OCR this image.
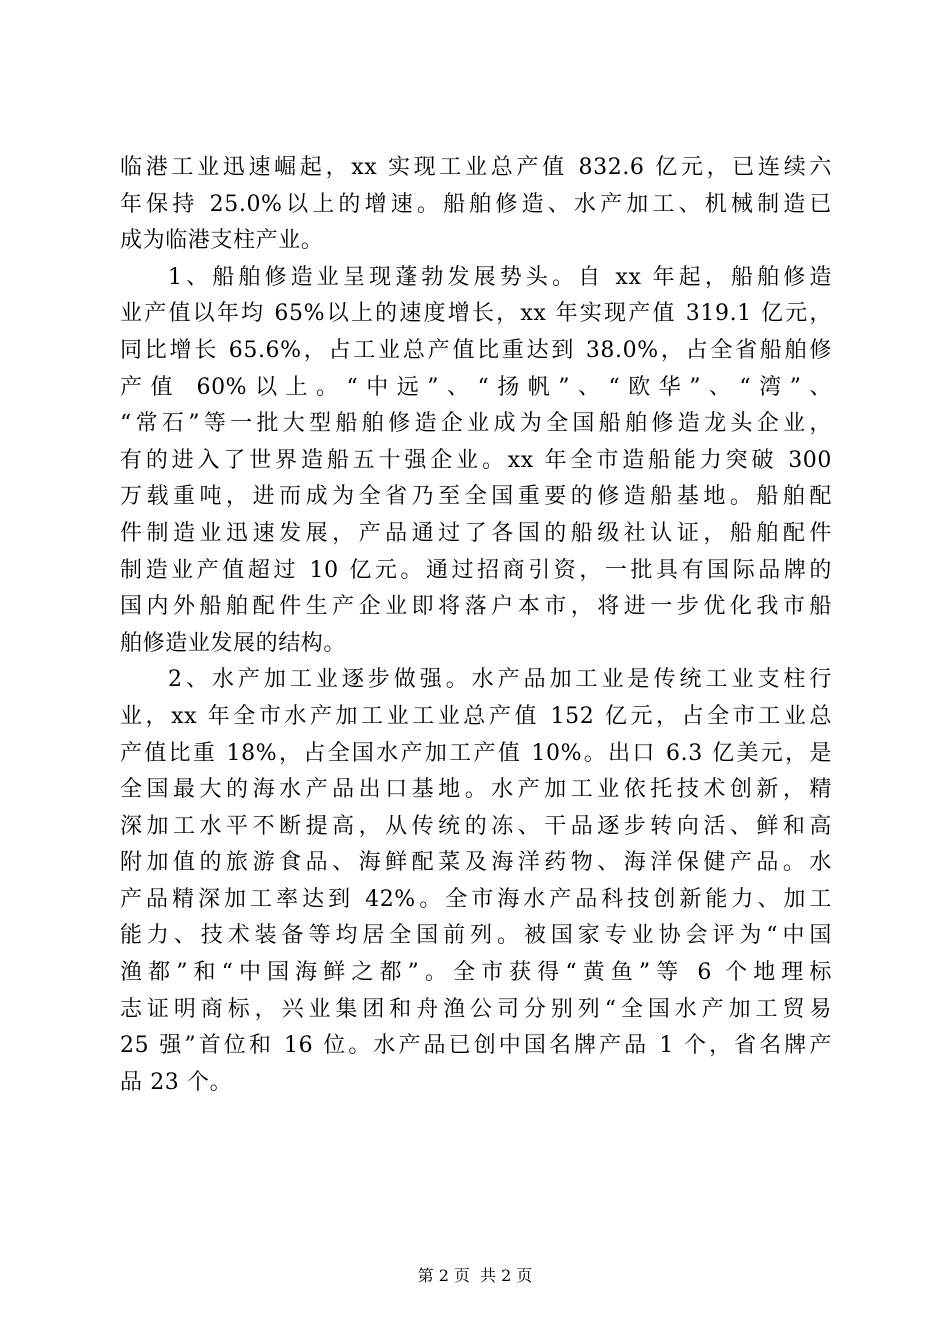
临港工业迅速崛起，xx 实现工业总产值 832.6 亿元，已连续六
年保持 25.0%以上的增速。船舶修造、水产加工、机械制造已
成为临港支柱产业。
1、船舶修造业呈现蓬勃发展势头。自 xx 年起，船舶修造
业产值以年均 65%以上的速度增长，xx 年实现产值 319.1 亿元，
同比增长 65.6%，占工业总产值比重达到 38.0%，占全省船舶修
产值 60%以上。“中远”、“扬帆”、“欧华”、“湾”、
“常石”等一批大型船舶修造企业成为全国船舶修造龙头企业，
有的进入了世界造船五十强企业。xx 年全市造船能力突破 300
万载重吨，进而成为全省乃至全国重要的修造船基地。船舶配
件制造业迅速发展，产品通过了各国的船级社认证，船舶配件
制造业产值超过 10 亿元。通过招商引资，一批具有国际品牌的
国内外船舶配件生产企业即将落户本市，将进一步优化我市船
舶修造业发展的结构。
2、水产加工业逐步做强。水产品加工业是传统工业支柱行
业，xx 年全市水产加工业工业总产值 152 亿元，占全市工业总
产值比重 18%，占全国水产加工产值 10%。出口 6.3 亿美元，是
全国最大的海水产品出口基地。水产加工业依托技术创新，精
深加工水平不断提高，从传统的冻、干品逐步转向活、鲜和高
附加值的旅游食品、海鲜配菜及海洋药物、海洋保健产品。水
产品精深加工率达到 42%。全市海水产品科技创新能力、加工
能力、技术装备等均居全国前列。被国家专业协会评为“中国
渔都”和“中国海鲜之都”。全市获得“黄鱼”等 6 个地理标
志证明商标，兴业集团和舟渔公司分别列“全国水产加工贸易
25 强”首位和 16 位。水产品已创中国名牌产品 1 个，省名牌产
品 23 个。
第 2 页 共 2 页
